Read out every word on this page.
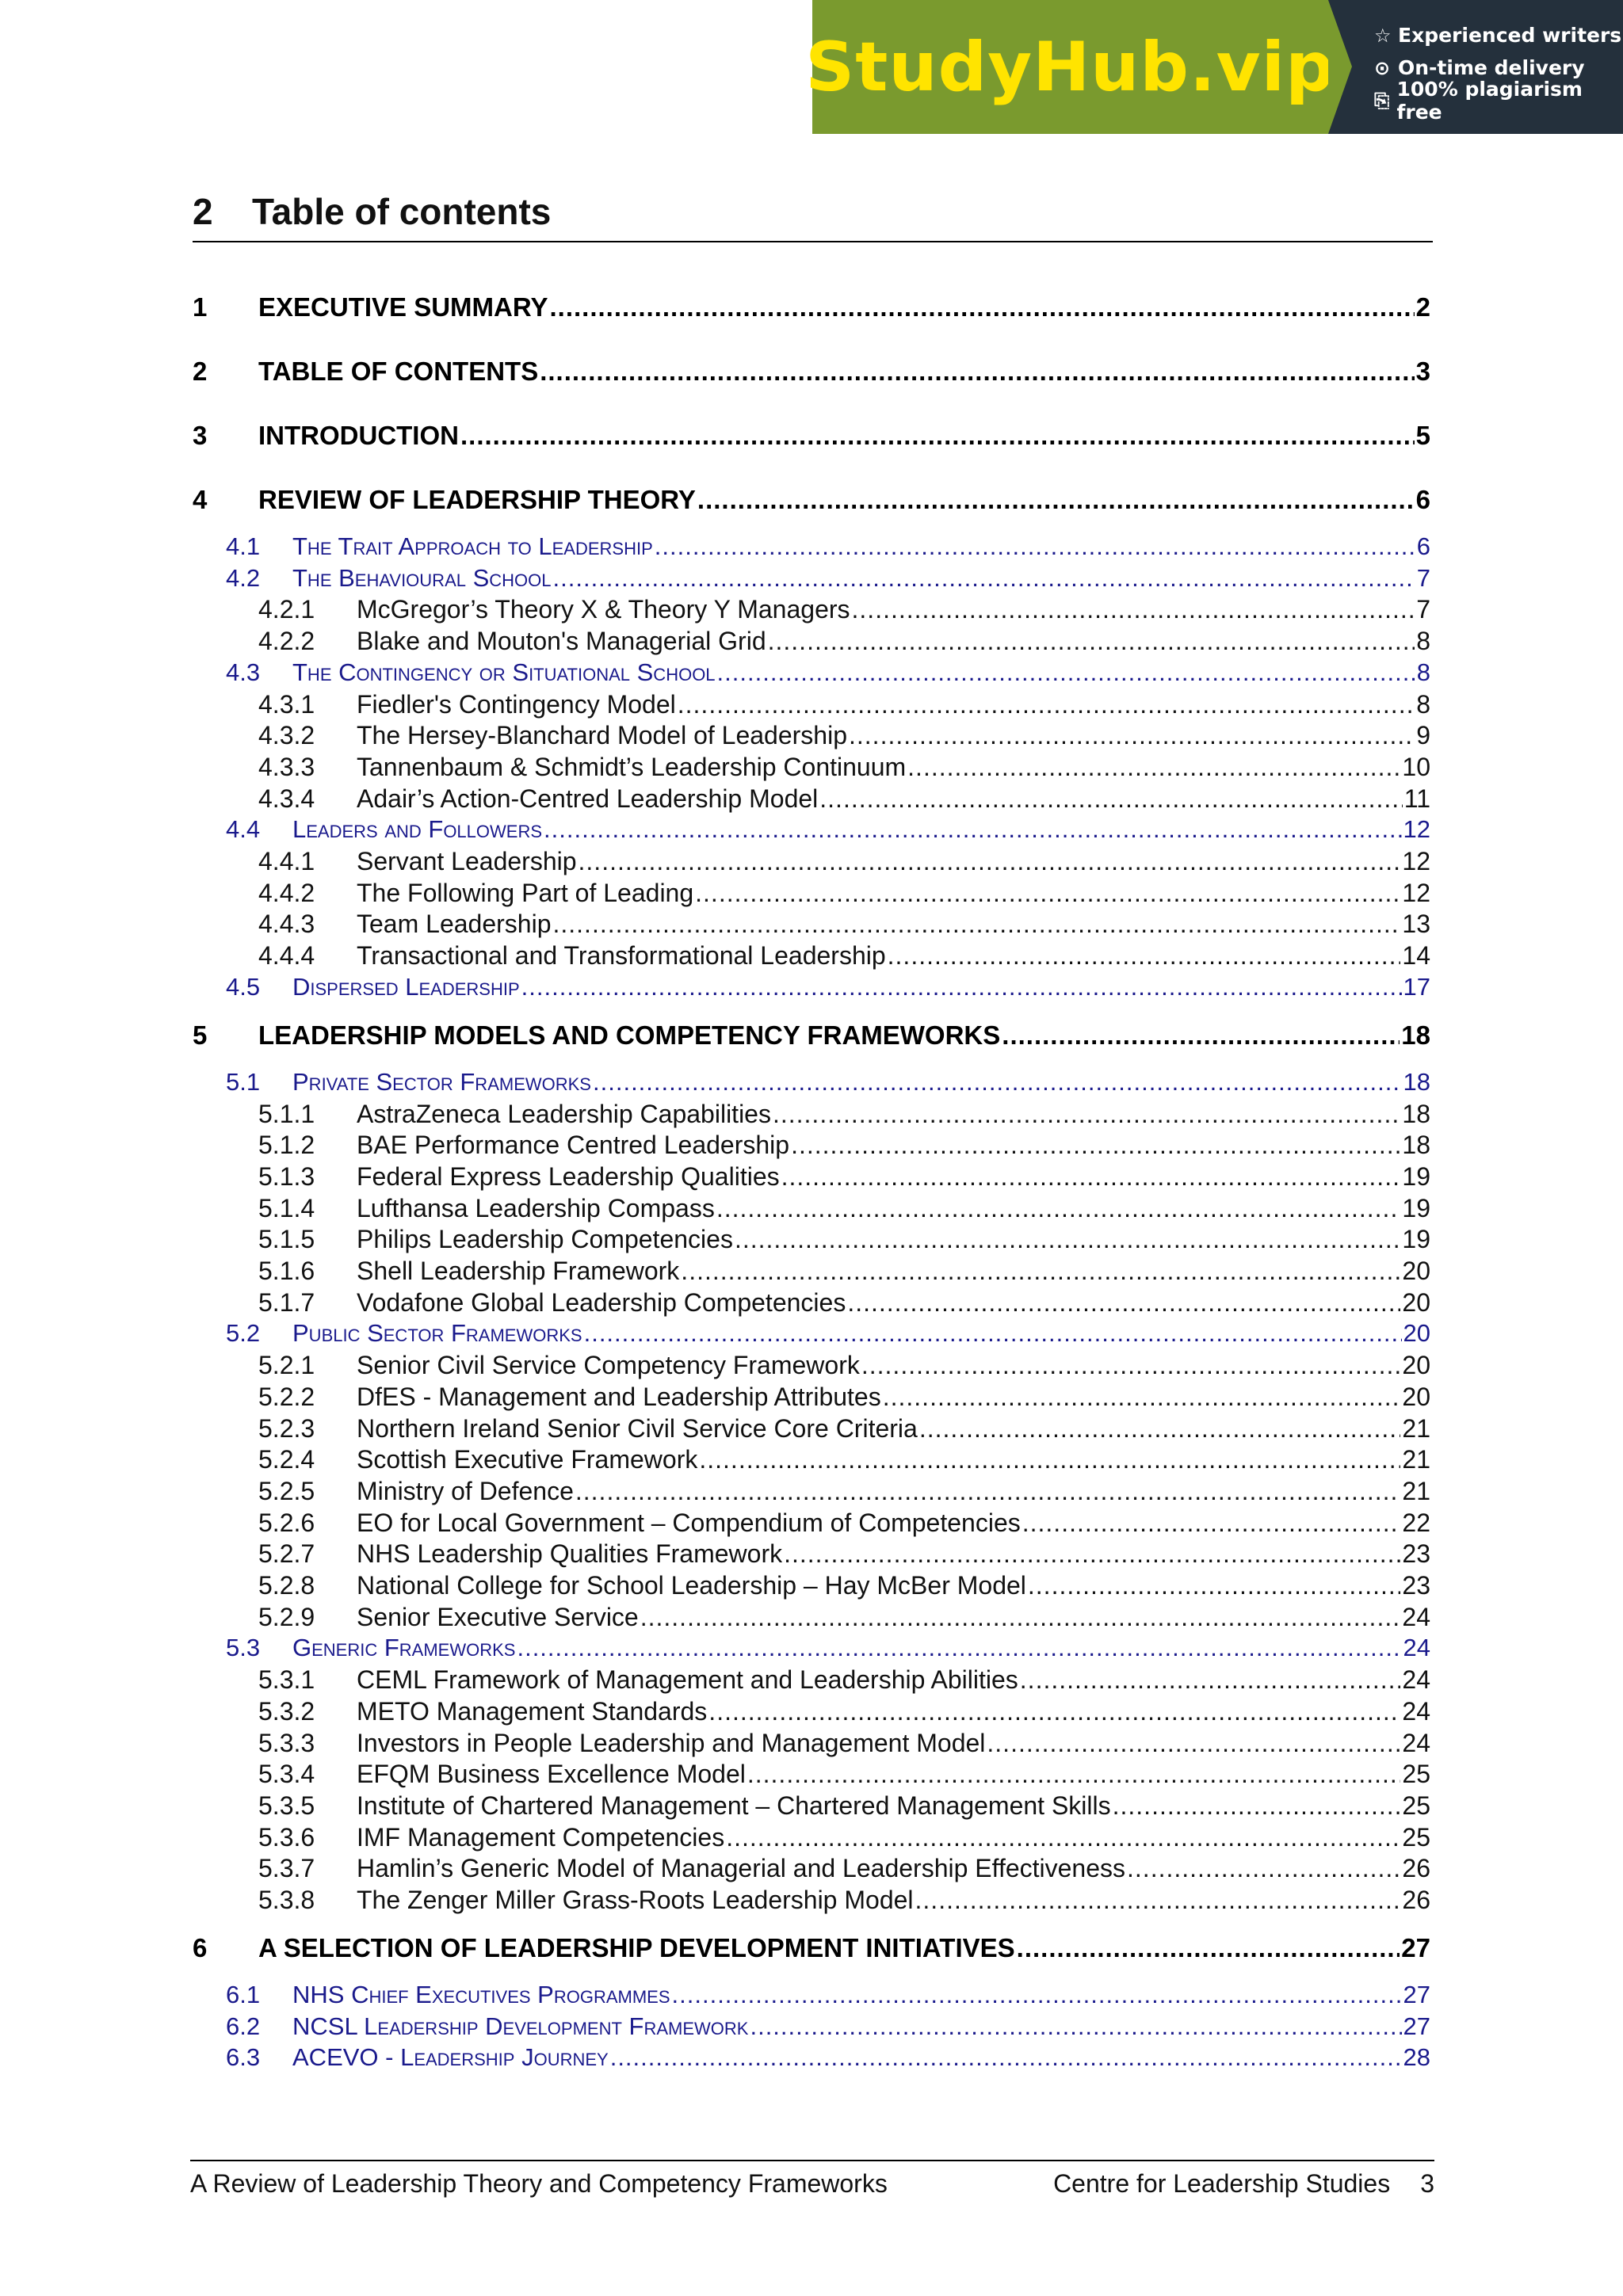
StudyHub.vip ☆ Experienced writers
⊙ On-time delivery
⎘ 100% plagiarism free
2	Table of contents
1	EXECUTIVE SUMMARY .....	2
2	TABLE OF CONTENTS .....	3
3	INTRODUCTION .....	5
4	REVIEW OF LEADERSHIP THEORY .....	6
4.1	The Trait Approach to Leadership .....	6
4.2	The Behavioural School .....	7
4.2.1	McGregor’s Theory X & Theory Y Managers .....	7
4.2.2	Blake and Mouton's Managerial Grid .....	8
4.3	The Contingency or Situational School .....	8
4.3.1	Fiedler's Contingency Model .....	8
4.3.2	The Hersey-Blanchard Model of Leadership .....	9
4.3.3	Tannenbaum & Schmidt’s Leadership Continuum .....	10
4.3.4	Adair’s Action-Centred Leadership Model .....	11
4.4	Leaders and Followers .....	12
4.4.1	Servant Leadership .....	12
4.4.2	The Following Part of Leading .....	12
4.4.3	Team Leadership .....	13
4.4.4	Transactional and Transformational Leadership .....	14
4.5	Dispersed Leadership .....	17
5	LEADERSHIP MODELS AND COMPETENCY FRAMEWORKS .....	18
5.1	Private Sector Frameworks .....	18
5.1.1	AstraZeneca Leadership Capabilities .....	18
5.1.2	BAE Performance Centred Leadership .....	18
5.1.3	Federal Express Leadership Qualities .....	19
5.1.4	Lufthansa Leadership Compass .....	19
5.1.5	Philips Leadership Competencies .....	19
5.1.6	Shell Leadership Framework .....	20
5.1.7	Vodafone Global Leadership Competencies .....	20
5.2	Public Sector Frameworks .....	20
5.2.1	Senior Civil Service Competency Framework .....	20
5.2.2	DfES - Management and Leadership Attributes .....	20
5.2.3	Northern Ireland Senior Civil Service Core Criteria .....	21
5.2.4	Scottish Executive Framework .....	21
5.2.5	Ministry of Defence .....	21
5.2.6	EO for Local Government – Compendium of Competencies .....	22
5.2.7	NHS Leadership Qualities Framework .....	23
5.2.8	National College for School Leadership – Hay McBer Model .....	23
5.2.9	Senior Executive Service .....	24
5.3	Generic Frameworks .....	24
5.3.1	CEML Framework of Management and Leadership Abilities .....	24
5.3.2	METO Management Standards .....	24
5.3.3	Investors in People Leadership and Management Model .....	24
5.3.4	EFQM Business Excellence Model .....	25
5.3.5	Institute of Chartered Management – Chartered Management Skills .....	25
5.3.6	IMF Management Competencies .....	25
5.3.7	Hamlin’s Generic Model of Managerial and Leadership Effectiveness .....	26
5.3.8	The Zenger Miller Grass-Roots Leadership Model .....	26
6	A SELECTION OF LEADERSHIP DEVELOPMENT INITIATIVES .....	27
6.1	NHS Chief Executives Programmes .....	27
6.2	NCSL Leadership Development Framework .....	27
6.3	ACEVO - Leadership Journey .....	28
A Review of Leadership Theory and Competency Frameworks	Centre for Leadership Studies 3
